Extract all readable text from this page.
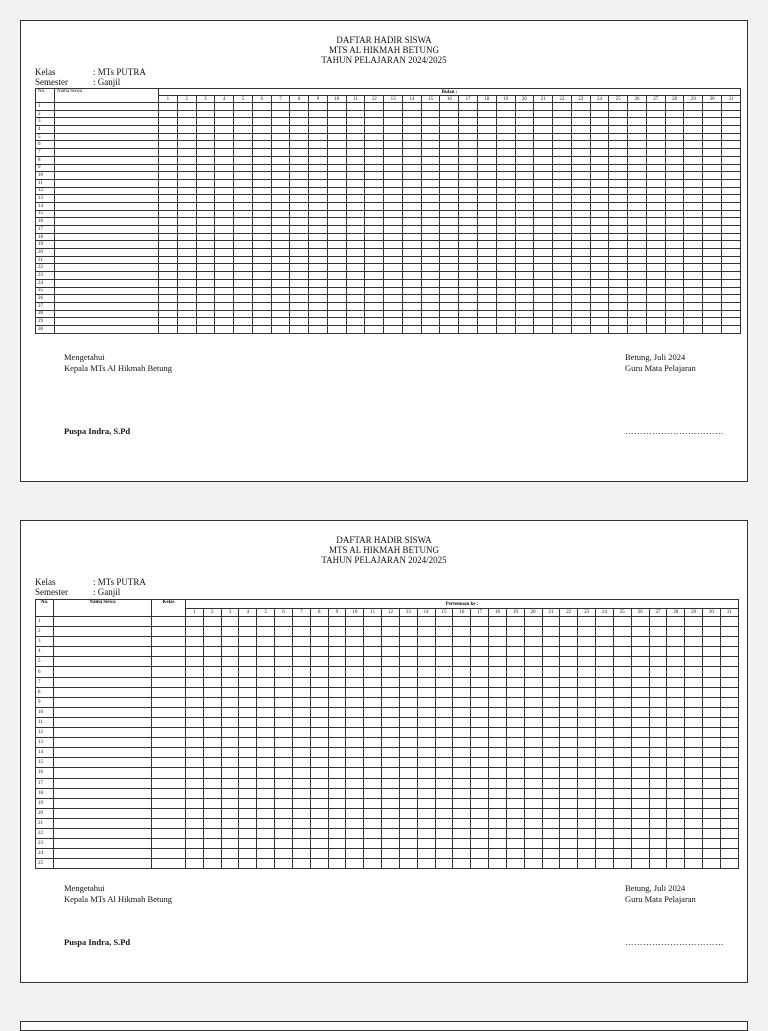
DAFTAR HADIR SISWA
MTS AL HIKMAH BETUNG
TAHUN PELAJARAN 2024/2025
Kelas	: MTs PUTRA
Semester	: Ganjil
No.	Nama Siswa	Bulan :																														
		1	2	3	4	5	6	7	8	9	10	11	12	13	14	15	16	17	18	19	20	21	22	23	24	25	26	27	28	29	30	31
1																																
2																																
3																																
4																																
5																																
6																																
7																																
8																																
9																																
10																																
11																																
12																																
13																																
14																																
15																																
16																																
17																																
18																																
19																																
20																																
21																																
22																																
23																																
24																																
25																																
26																																
27																																
28																																
29																																
30																																
Mengetahui
Kepala MTs Al Hikmah Betung
Puspa Indra, S.Pd
Betung, Juli 2024
Guru Mata Pelajaran
……………………………
DAFTAR HADIR SISWA
MTS AL HIKMAH BETUNG
TAHUN PELAJARAN 2024/2025
Kelas	: MTs PUTRA
Semester	: Ganjil
No.	Nama Siswa	Kelas	Pertemuan ke :																														
			1	2	3	4	5	6	7	8	9	10	11	12	13	14	15	16	17	18	19	20	21	22	23	24	25	26	27	28	29	30	31
1																																	
2																																	
3																																	
4																																	
5																																	
6																																	
7																																	
8																																	
9																																	
10																																	
11																																	
12																																	
13																																	
14																																	
15																																	
16																																	
17																																	
18																																	
19																																	
20																																	
21																																	
22																																	
23																																	
24																																	
25																																	
Mengetahui
Kepala MTs Al Hikmah Betung
Puspa Indra, S.Pd
Betung, Juli 2024
Guru Mata Pelajaran
……………………………
